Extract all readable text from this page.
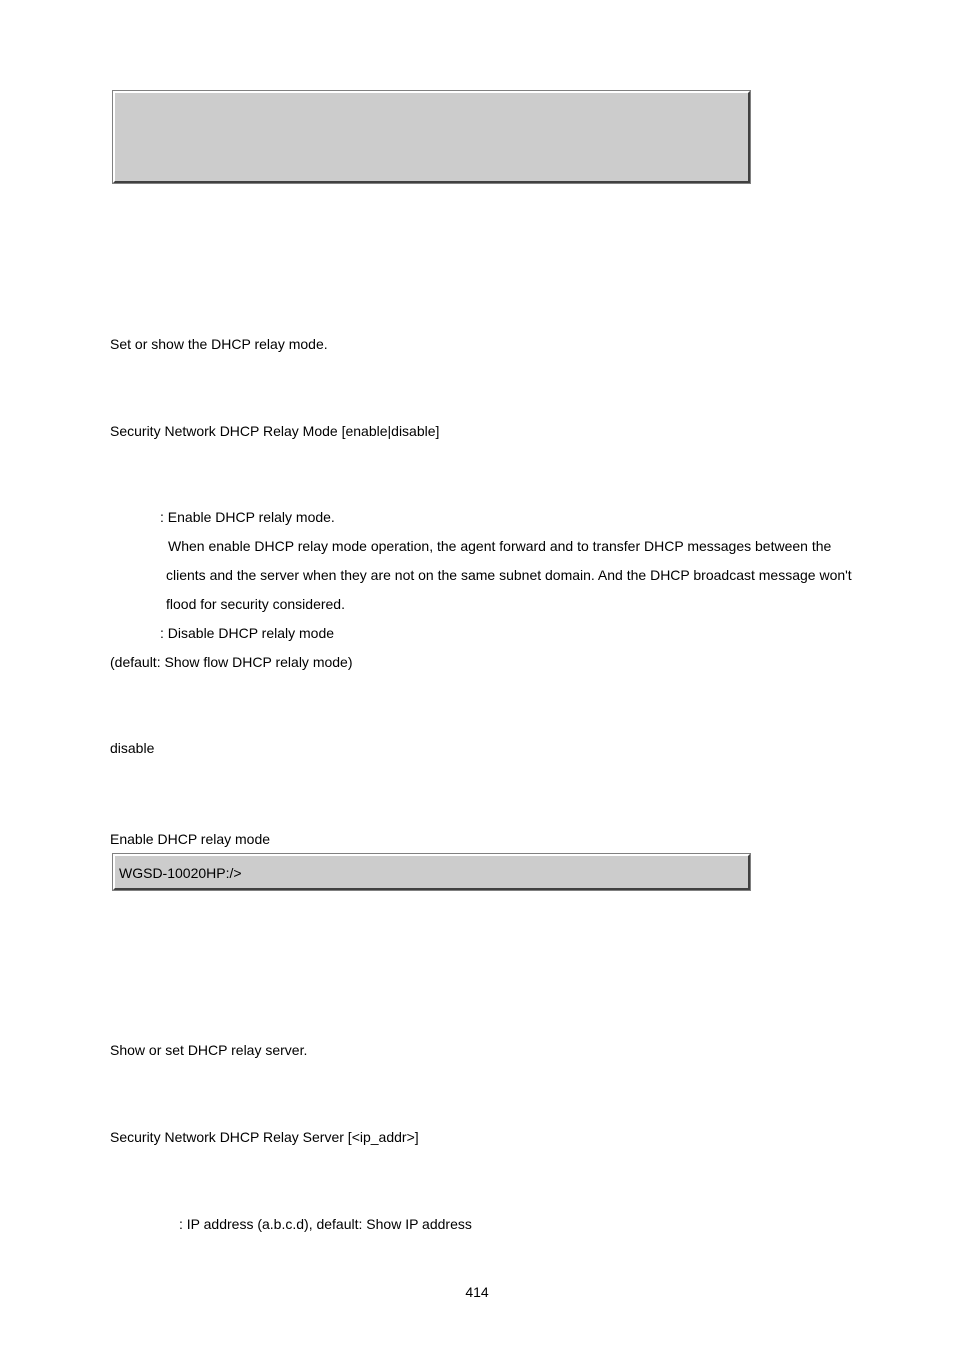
Set or show the DHCP relay mode.
Security Network DHCP Relay Mode [enable|disable]
: Enable DHCP relaly mode.
When enable DHCP relay mode operation, the agent forward and to transfer DHCP messages between the
clients and the server when they are not on the same subnet domain. And the DHCP broadcast message won't
flood for security considered.
: Disable DHCP relaly mode
(default: Show flow DHCP relaly mode)
disable
Enable DHCP relay mode
WGSD-10020HP:/>
Show or set DHCP relay server.
Security Network DHCP Relay Server [<ip_addr>]
: IP address (a.b.c.d), default: Show IP address
414
